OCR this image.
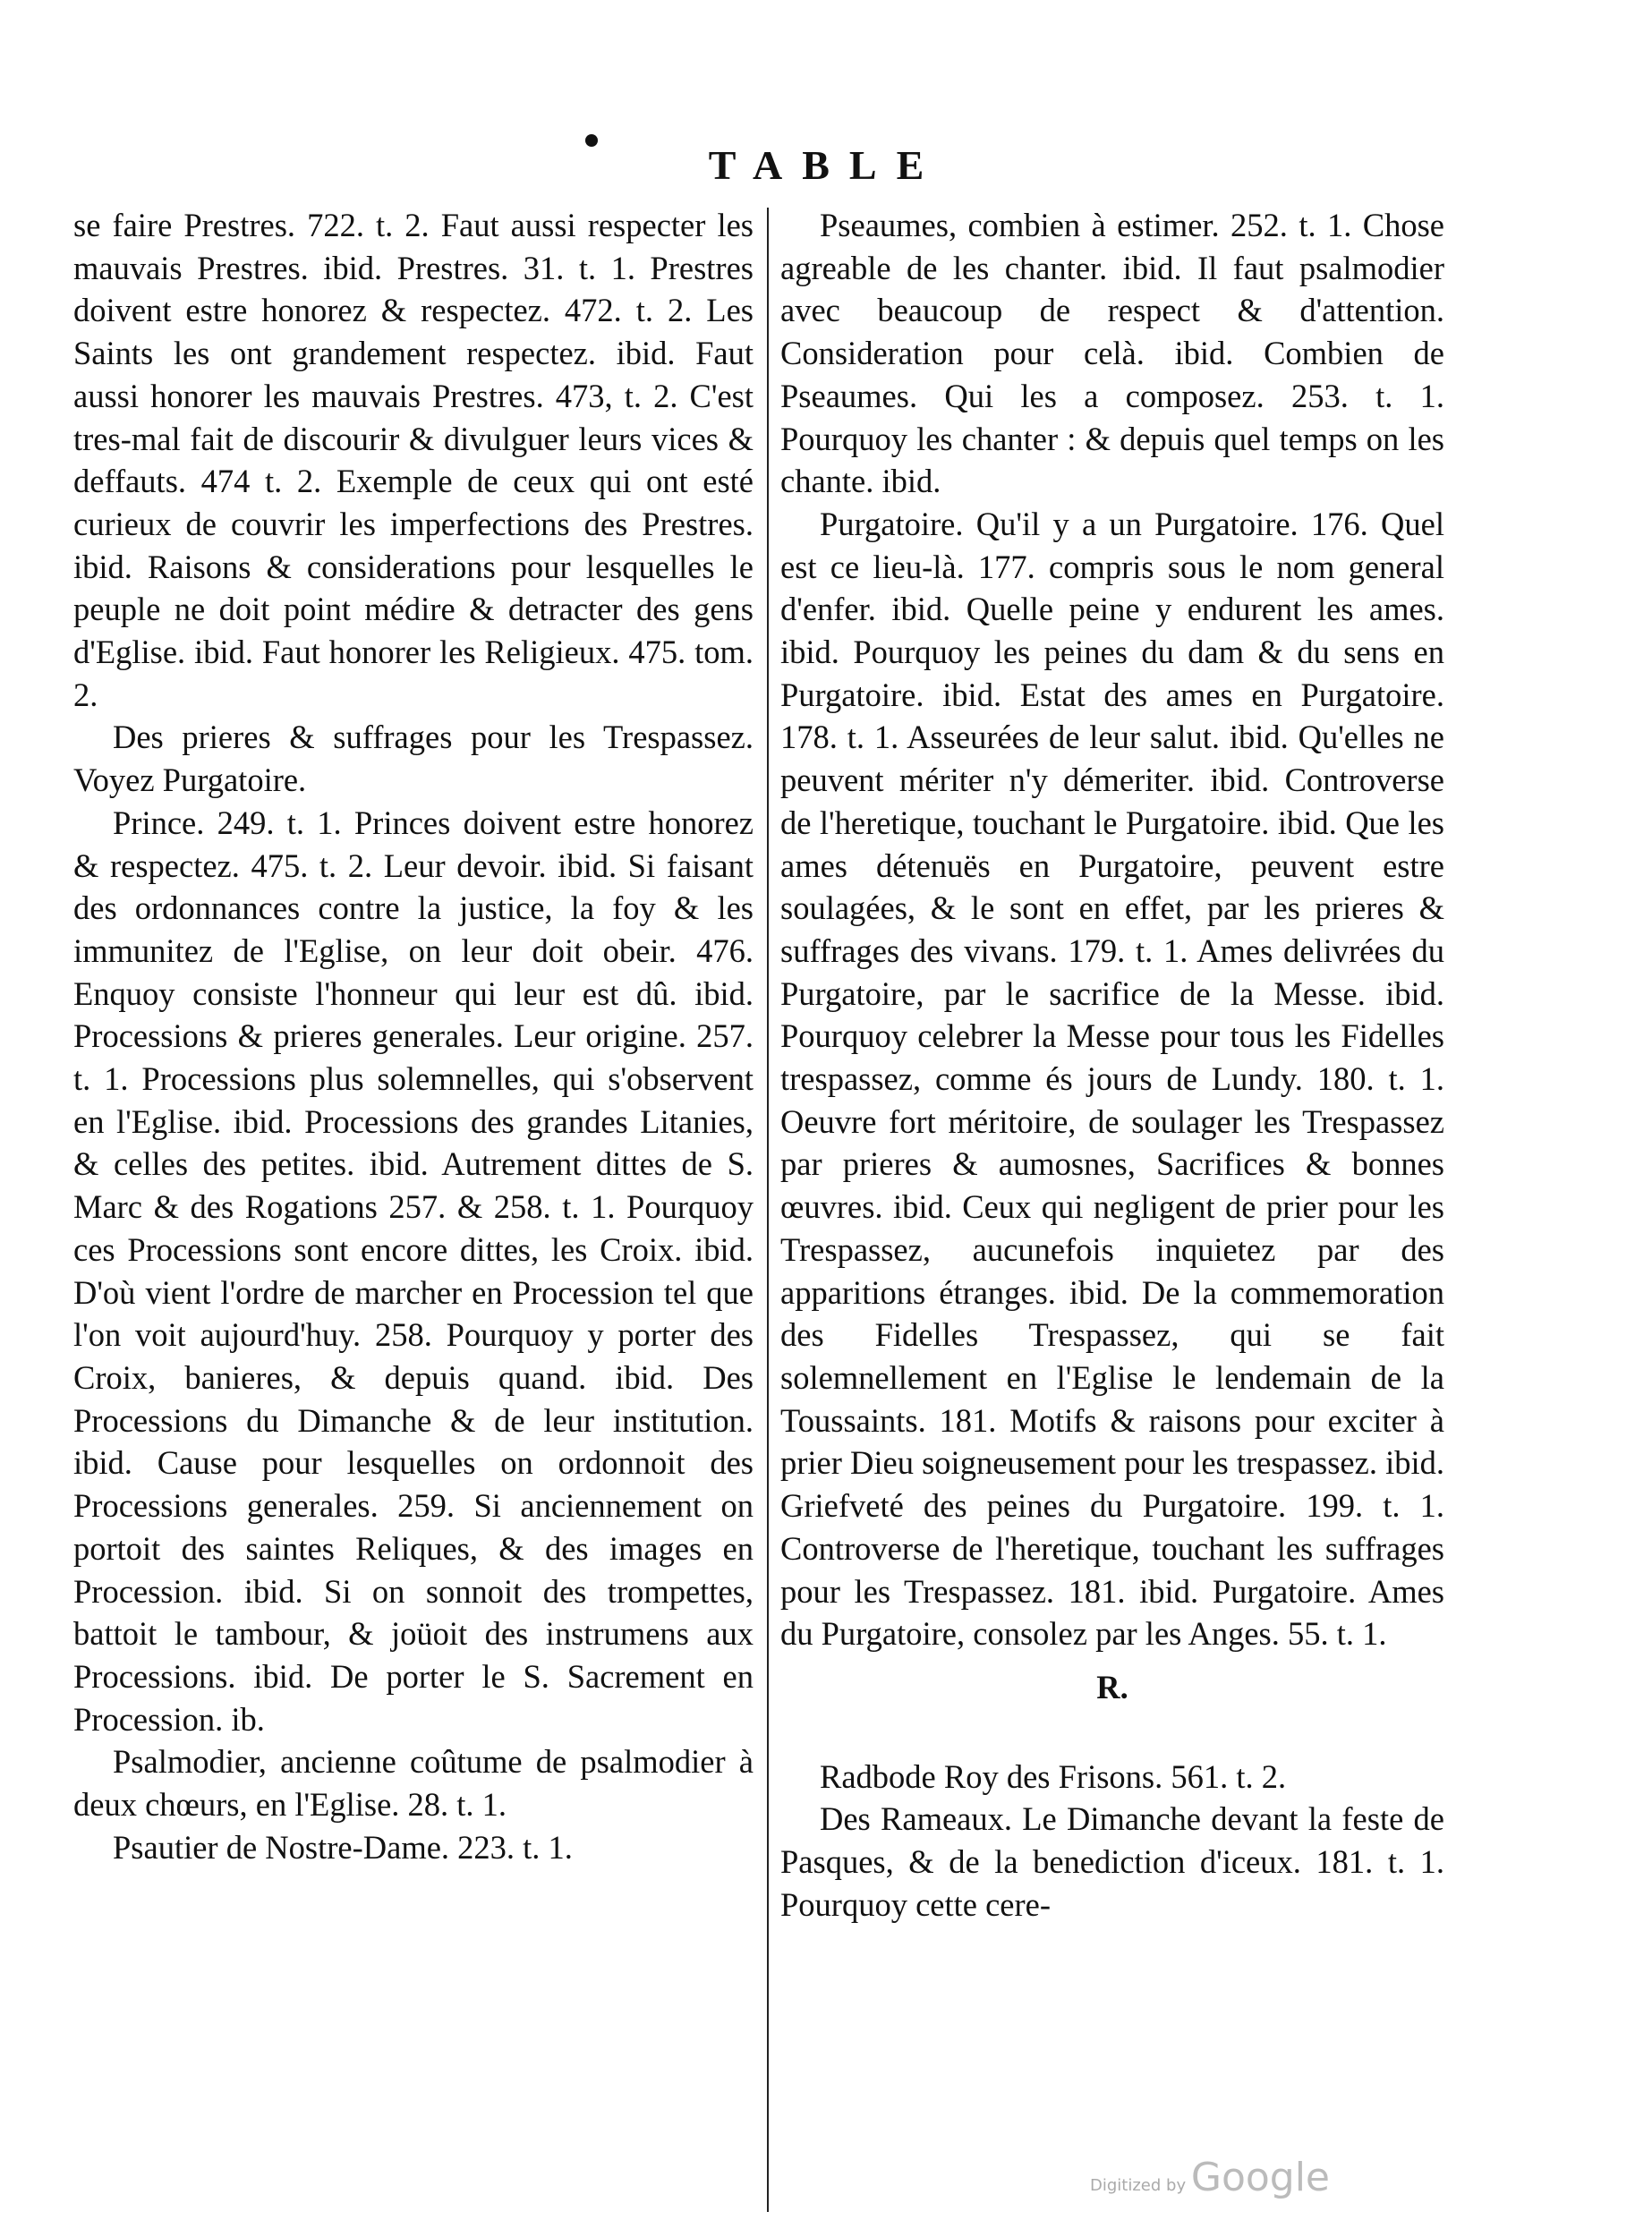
TABLE

se faire Prestres. 722. t. 2. Faut aussi respecter les mauvais Prestres. ibid. Prestres. 31. t. 1. Prestres doivent estre honorez & respectez. 472. t. 2. Les Saints les ont grandement respectez. ibid. Faut aussi honorer les mauvais Prestres. 473, t. 2. C'est tres-mal fait de discourir & divulguer leurs vices & deffauts. 474 t. 2. Exemple de ceux qui ont esté curieux de couvrir les imperfections des Prestres. ibid. Raisons & considerations pour lesquelles le peuple ne doit point médire & detracter des gens d'Eglise. ibid. Faut honorer les Religieux. 475. tom. 2.

Des prieres & suffrages pour les Trespassez. Voyez Purgatoire.

Prince. 249. t. 1. Princes doivent estre honorez & respectez. 475. t. 2. Leur devoir. ibid. Si faisant des ordonnances contre la justice, la foy & les immunitez de l'Eglise, on leur doit obeir. 476. Enquoy consiste l'honneur qui leur est dû. ibid. Processions & prieres generales. Leur origine. 257. t. 1. Processions plus solemnelles, qui s'observent en l'Eglise. ibid. Processions des grandes Litanies, & celles des petites. ibid. Autrement dittes de S. Marc & des Rogations 257. & 258. t. 1. Pourquoy ces Processions sont encore dittes, les Croix. ibid. D'où vient l'ordre de marcher en Procession tel que l'on voit aujourd'huy. 258. Pourquoy y porter des Croix, banieres, & depuis quand. ibid. Des Processions du Dimanche & de leur institution. ibid. Cause pour lesquelles on ordonnoit des Processions generales. 259. Si anciennement on portoit des saintes Reliques, & des images en Procession. ibid. Si on sonnoit des trompettes, battoit le tambour, & joüoit des instrumens aux Processions. ibid. De porter le S. Sacrement en Procession. ib.

Psalmodier, ancienne coûtume de psalmodier à deux chœurs, en l'Eglise. 28. t. 1.

Psautier de Nostre-Dame. 223. t. 1.

Pseaumes, combien à estimer. 252. t. 1. Chose agreable de les chanter. ibid. Il faut psalmodier avec beaucoup de respect & d'attention. Consideration pour celà. ibid. Combien de Pseaumes. Qui les a composez. 253. t. 1. Pourquoy les chanter : & depuis quel temps on les chante. ibid.

Purgatoire. Qu'il y a un Purgatoire. 176. Quel est ce lieu-là. 177. compris sous le nom general d'enfer. ibid. Quelle peine y endurent les ames. ibid. Pourquoy les peines du dam & du sens en Purgatoire. ibid. Estat des ames en Purgatoire. 178. t. 1. Asseurées de leur salut. ibid. Qu'elles ne peuvent mériter n'y démeriter. ibid. Controverse de l'heretique, touchant le Purgatoire. ibid. Que les ames détenuës en Purgatoire, peuvent estre soulagées, & le sont en effet, par les prieres & suffrages des vivans. 179. t. 1. Ames delivrées du Purgatoire, par le sacrifice de la Messe. ibid. Pourquoy celebrer la Messe pour tous les Fidelles trespassez, comme és jours de Lundy. 180. t. 1. Oeuvre fort méritoire, de soulager les Trespassez par prieres & aumosnes, Sacrifices & bonnes œuvres. ibid. Ceux qui negligent de prier pour les Trespassez, aucunefois inquietez par des apparitions étranges. ibid. De la commemoration des Fidelles Trespassez, qui se fait solemnellement en l'Eglise le lendemain de la Toussaints. 181. Motifs & raisons pour exciter à prier Dieu soigneusement pour les trespassez. ibid. Griefveté des peines du Purgatoire. 199. t. 1. Controverse de l'heretique, touchant les suffrages pour les Trespassez. 181. ibid. Purgatoire. Ames du Purgatoire, consolez par les Anges. 55. t. 1.

R.

Radbode Roy des Frisons. 561. t. 2.

Des Rameaux. Le Dimanche devant la feste de Pasques, & de la benediction d'iceux. 181. t. 1. Pourquoy cette cere-

Digitized by Google
